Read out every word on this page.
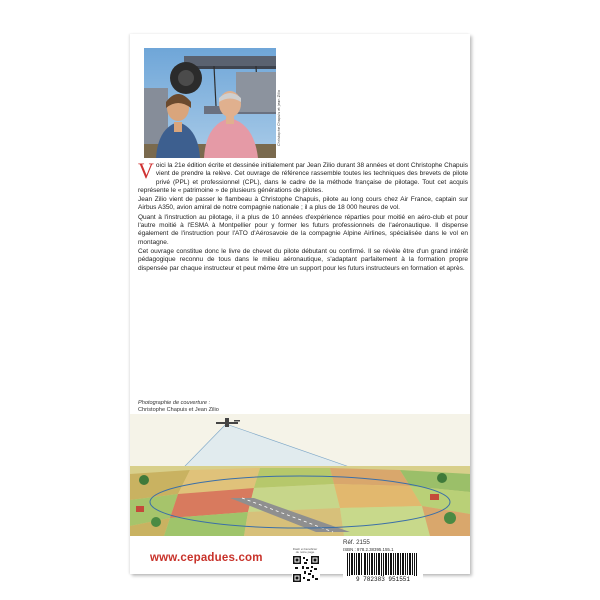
Christophe Chapuis et Jean Zilio

Voici la 21e édition écrite et dessinée initialement par Jean Zilio durant 38 années et dont Christophe Chapuis vient de prendre la relève. Cet ouvrage de référence rassemble toutes les techniques des brevets de pilote privé (PPL) et professionnel (CPL), dans le cadre de la méthode française de pilotage. Tout cet acquis représente le « patrimoine » de plusieurs générations de pilotes.

Jean Zilio vient de passer le flambeau à Christophe Chapuis, pilote au long cours chez Air France, captain sur Airbus A350, avion amiral de notre compagnie nationale ; il a plus de 18 000 heures de vol.

Quant à l'instruction au pilotage, il a plus de 10 années d'expérience réparties pour moitié en aéro-club et pour l'autre moitié à l'ESMA à Montpellier pour y former les futurs professionnels de l'aéronautique. Il dispense également de l'instruction pour l'ATO d'Aérosavoie de la compagnie Alpine Airlines, spécialisée dans le vol en montagne.

Cet ouvrage constitue donc le livre de chevet du pilote débutant ou confirmé. Il se révèle être d'un grand intérêt pédagogique reconnu de tous dans le milieu aéronautique, s'adaptant parfaitement à la formation propre dispensée par chaque instructeur et peut même être un support pour les futurs instructeurs en formation et après.

Photographie de couverture :
Christophe Chapuis et Jean Zilio
www.cepadues.com
Flash et bénéficier de notre page
Réf. 2155
ISBN : 978.2.38395.155.1
9 782383 951551
